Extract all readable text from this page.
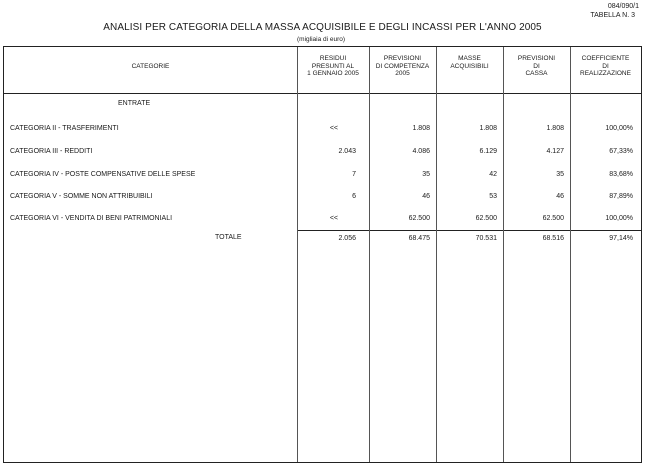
084/090/1
TABELLA N. 3
ANALISI PER CATEGORIA DELLA MASSA ACQUISIBILE E DEGLI INCASSI PER L'ANNO 2005
(migliaia di euro)
CATEGORIE
RESIDUI
PRESUNTI AL
1 GENNAIO 2005
PREVISIONI
DI COMPETENZA
2005
MASSE
ACQUISIBILI
PREVISIONI
DI
CASSA
COEFFICIENTE
DI
REALIZZAZIONE
ENTRATE
CATEGORIA II - TRASFERIMENTI	<<	1.808	1.808	1.808	100,00%
CATEGORIA III - REDDITI	2.043	4.086	6.129	4.127	67,33%
CATEGORIA IV - POSTE COMPENSATIVE DELLE SPESE	7	35	42	35	83,68%
CATEGORIA V - SOMME NON ATTRIBUIBILI	6	46	53	46	87,89%
CATEGORIA VI - VENDITA DI BENI PATRIMONIALI	<<	62.500	62.500	62.500	100,00%
TOTALE	2.056	68.475	70.531	68.516	97,14%
